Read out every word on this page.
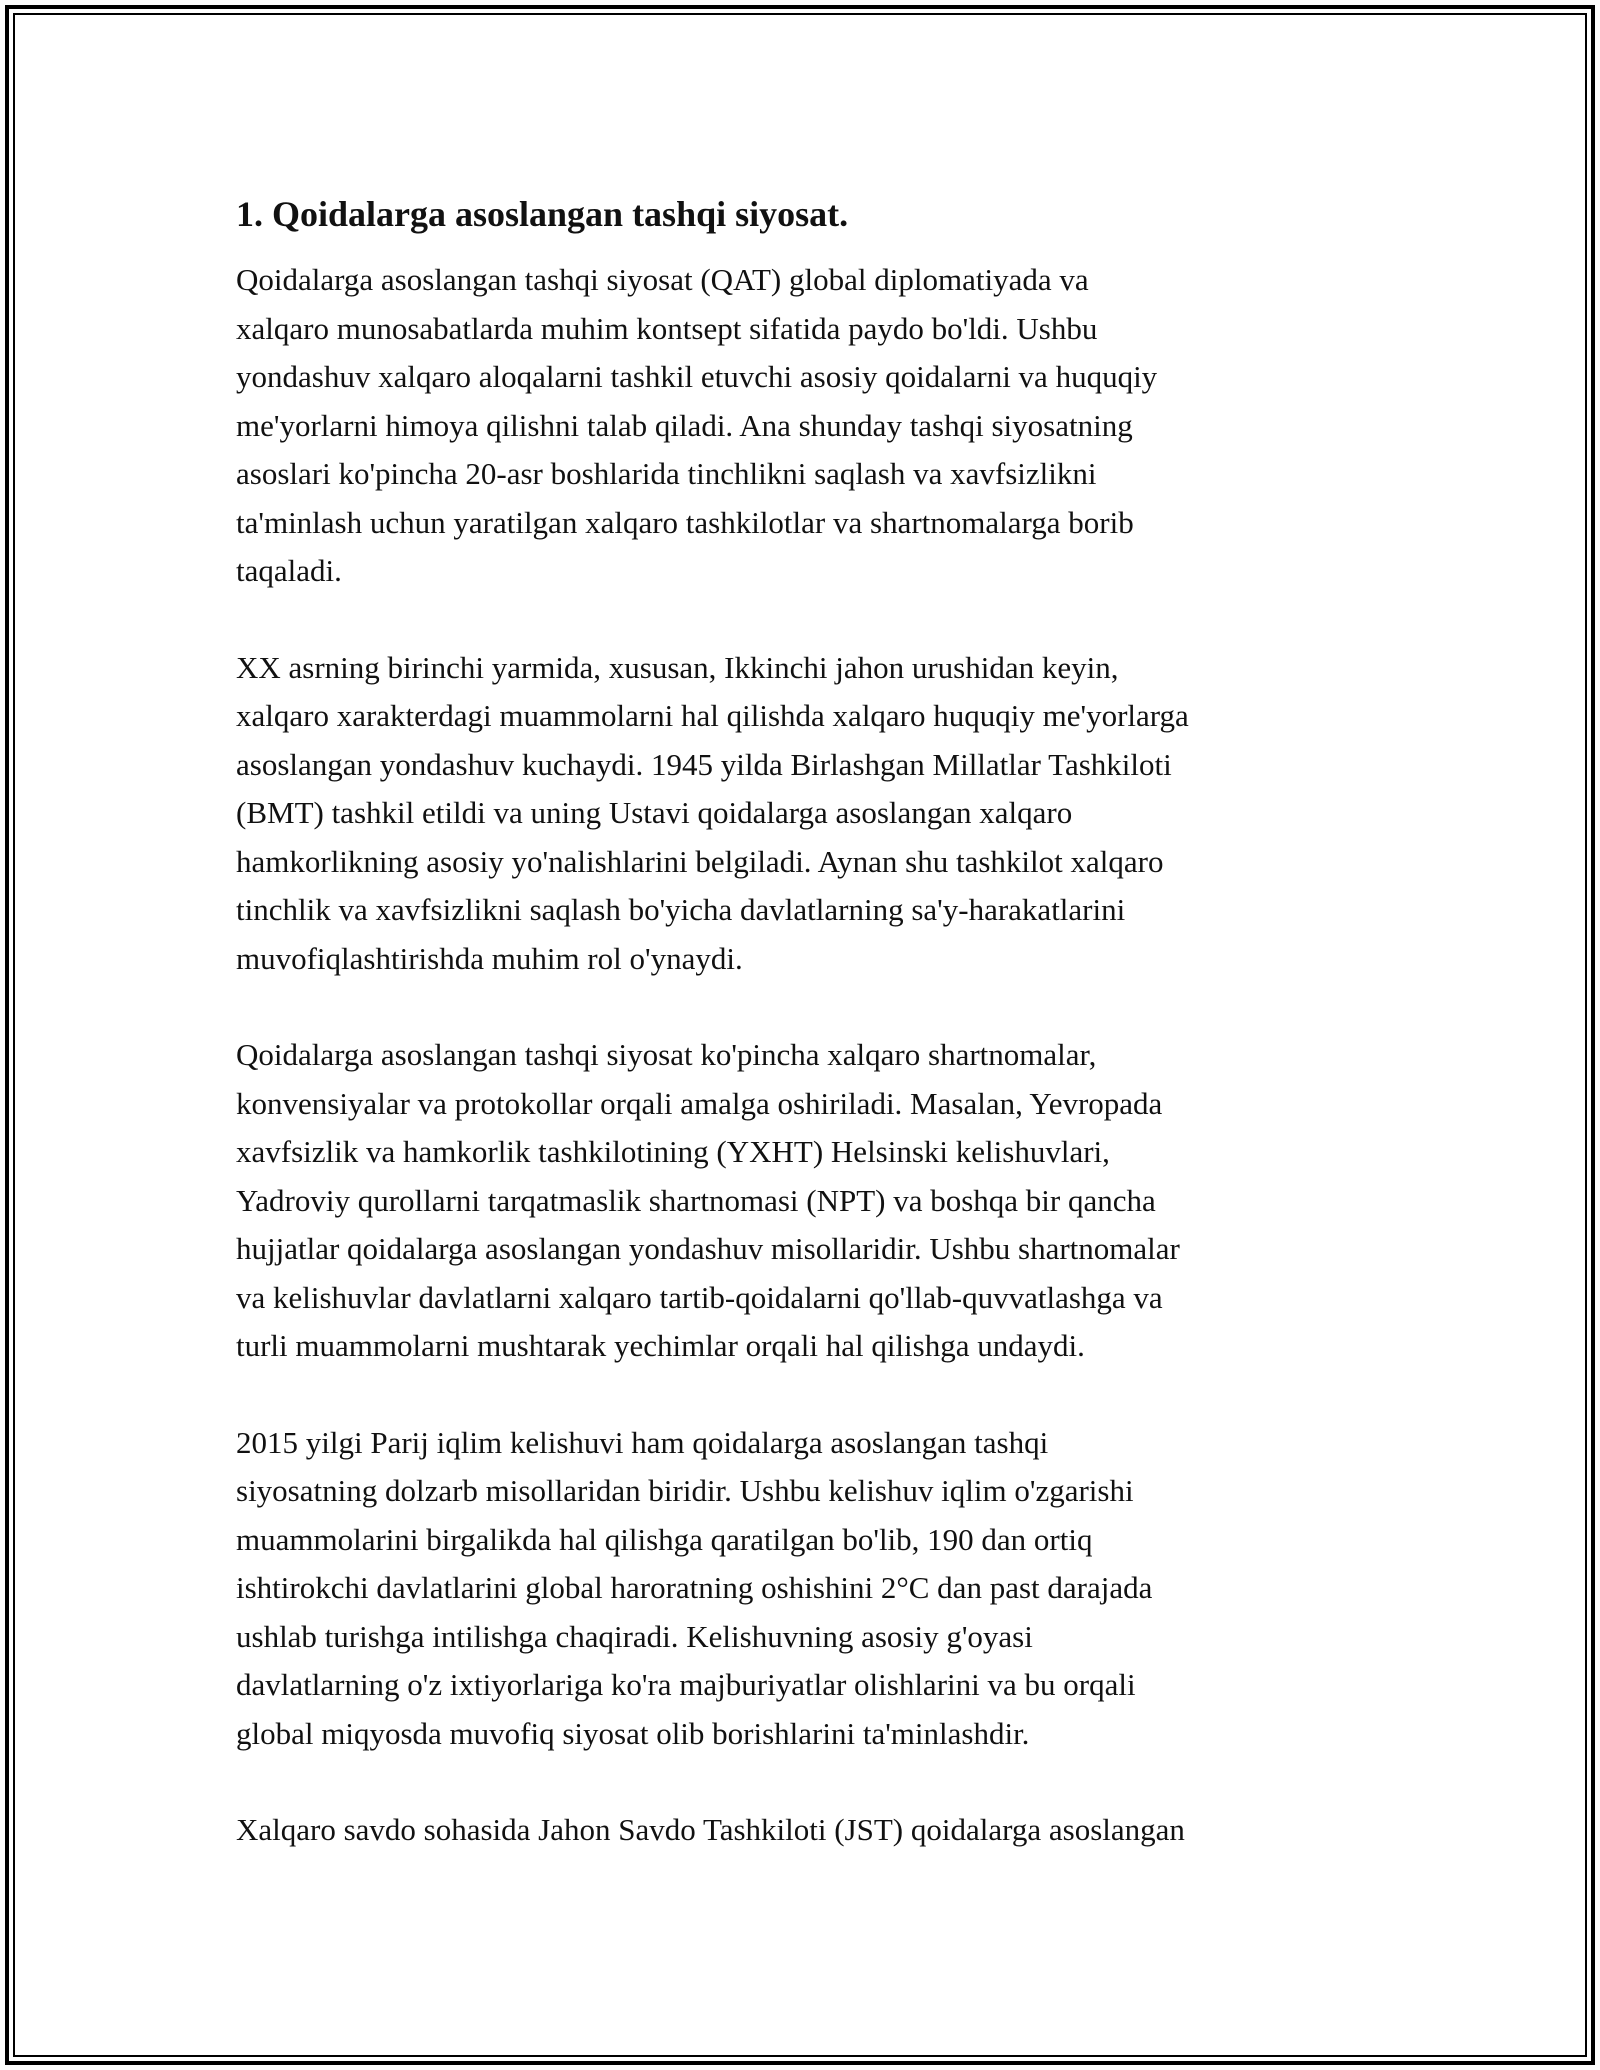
1. Qoidalarga asoslangan tashqi siyosat.

Qoidalarga asoslangan tashqi siyosat (QAT) global diplomatiyada va
xalqaro munosabatlarda muhim kontsept sifatida paydo bo'ldi. Ushbu
yondashuv xalqaro aloqalarni tashkil etuvchi asosiy qoidalarni va huquqiy
me'yorlarni himoya qilishni talab qiladi. Ana shunday tashqi siyosatning
asoslari ko'pincha 20-asr boshlarida tinchlikni saqlash va xavfsizlikni
ta'minlash uchun yaratilgan xalqaro tashkilotlar va shartnomalarga borib
taqaladi.

XX asrning birinchi yarmida, xususan, Ikkinchi jahon urushidan keyin,
xalqaro xarakterdagi muammolarni hal qilishda xalqaro huquqiy me'yorlarga
asoslangan yondashuv kuchaydi. 1945 yilda Birlashgan Millatlar Tashkiloti
(BMT) tashkil etildi va uning Ustavi qoidalarga asoslangan xalqaro
hamkorlikning asosiy yo'nalishlarini belgiladi. Aynan shu tashkilot xalqaro
tinchlik va xavfsizlikni saqlash bo'yicha davlatlarning sa'y-harakatlarini
muvofiqlashtirishda muhim rol o'ynaydi.

Qoidalarga asoslangan tashqi siyosat ko'pincha xalqaro shartnomalar,
konvensiyalar va protokollar orqali amalga oshiriladi. Masalan, Yevropada
xavfsizlik va hamkorlik tashkilotining (YXHT) Helsinski kelishuvlari,
Yadroviy qurollarni tarqatmaslik shartnomasi (NPT) va boshqa bir qancha
hujjatlar qoidalarga asoslangan yondashuv misollaridir. Ushbu shartnomalar
va kelishuvlar davlatlarni xalqaro tartib-qoidalarni qo'llab-quvvatlashga va
turli muammolarni mushtarak yechimlar orqali hal qilishga undaydi.

2015 yilgi Parij iqlim kelishuvi ham qoidalarga asoslangan tashqi
siyosatning dolzarb misollaridan biridir. Ushbu kelishuv iqlim o'zgarishi
muammolarini birgalikda hal qilishga qaratilgan bo'lib, 190 dan ortiq
ishtirokchi davlatlarini global haroratning oshishini 2°C dan past darajada
ushlab turishga intilishga chaqiradi. Kelishuvning asosiy g'oyasi
davlatlarning o'z ixtiyorlariga ko'ra majburiyatlar olishlarini va bu orqali
global miqyosda muvofiq siyosat olib borishlarini ta'minlashdir.

Xalqaro savdo sohasida Jahon Savdo Tashkiloti (JST) qoidalarga asoslangan
